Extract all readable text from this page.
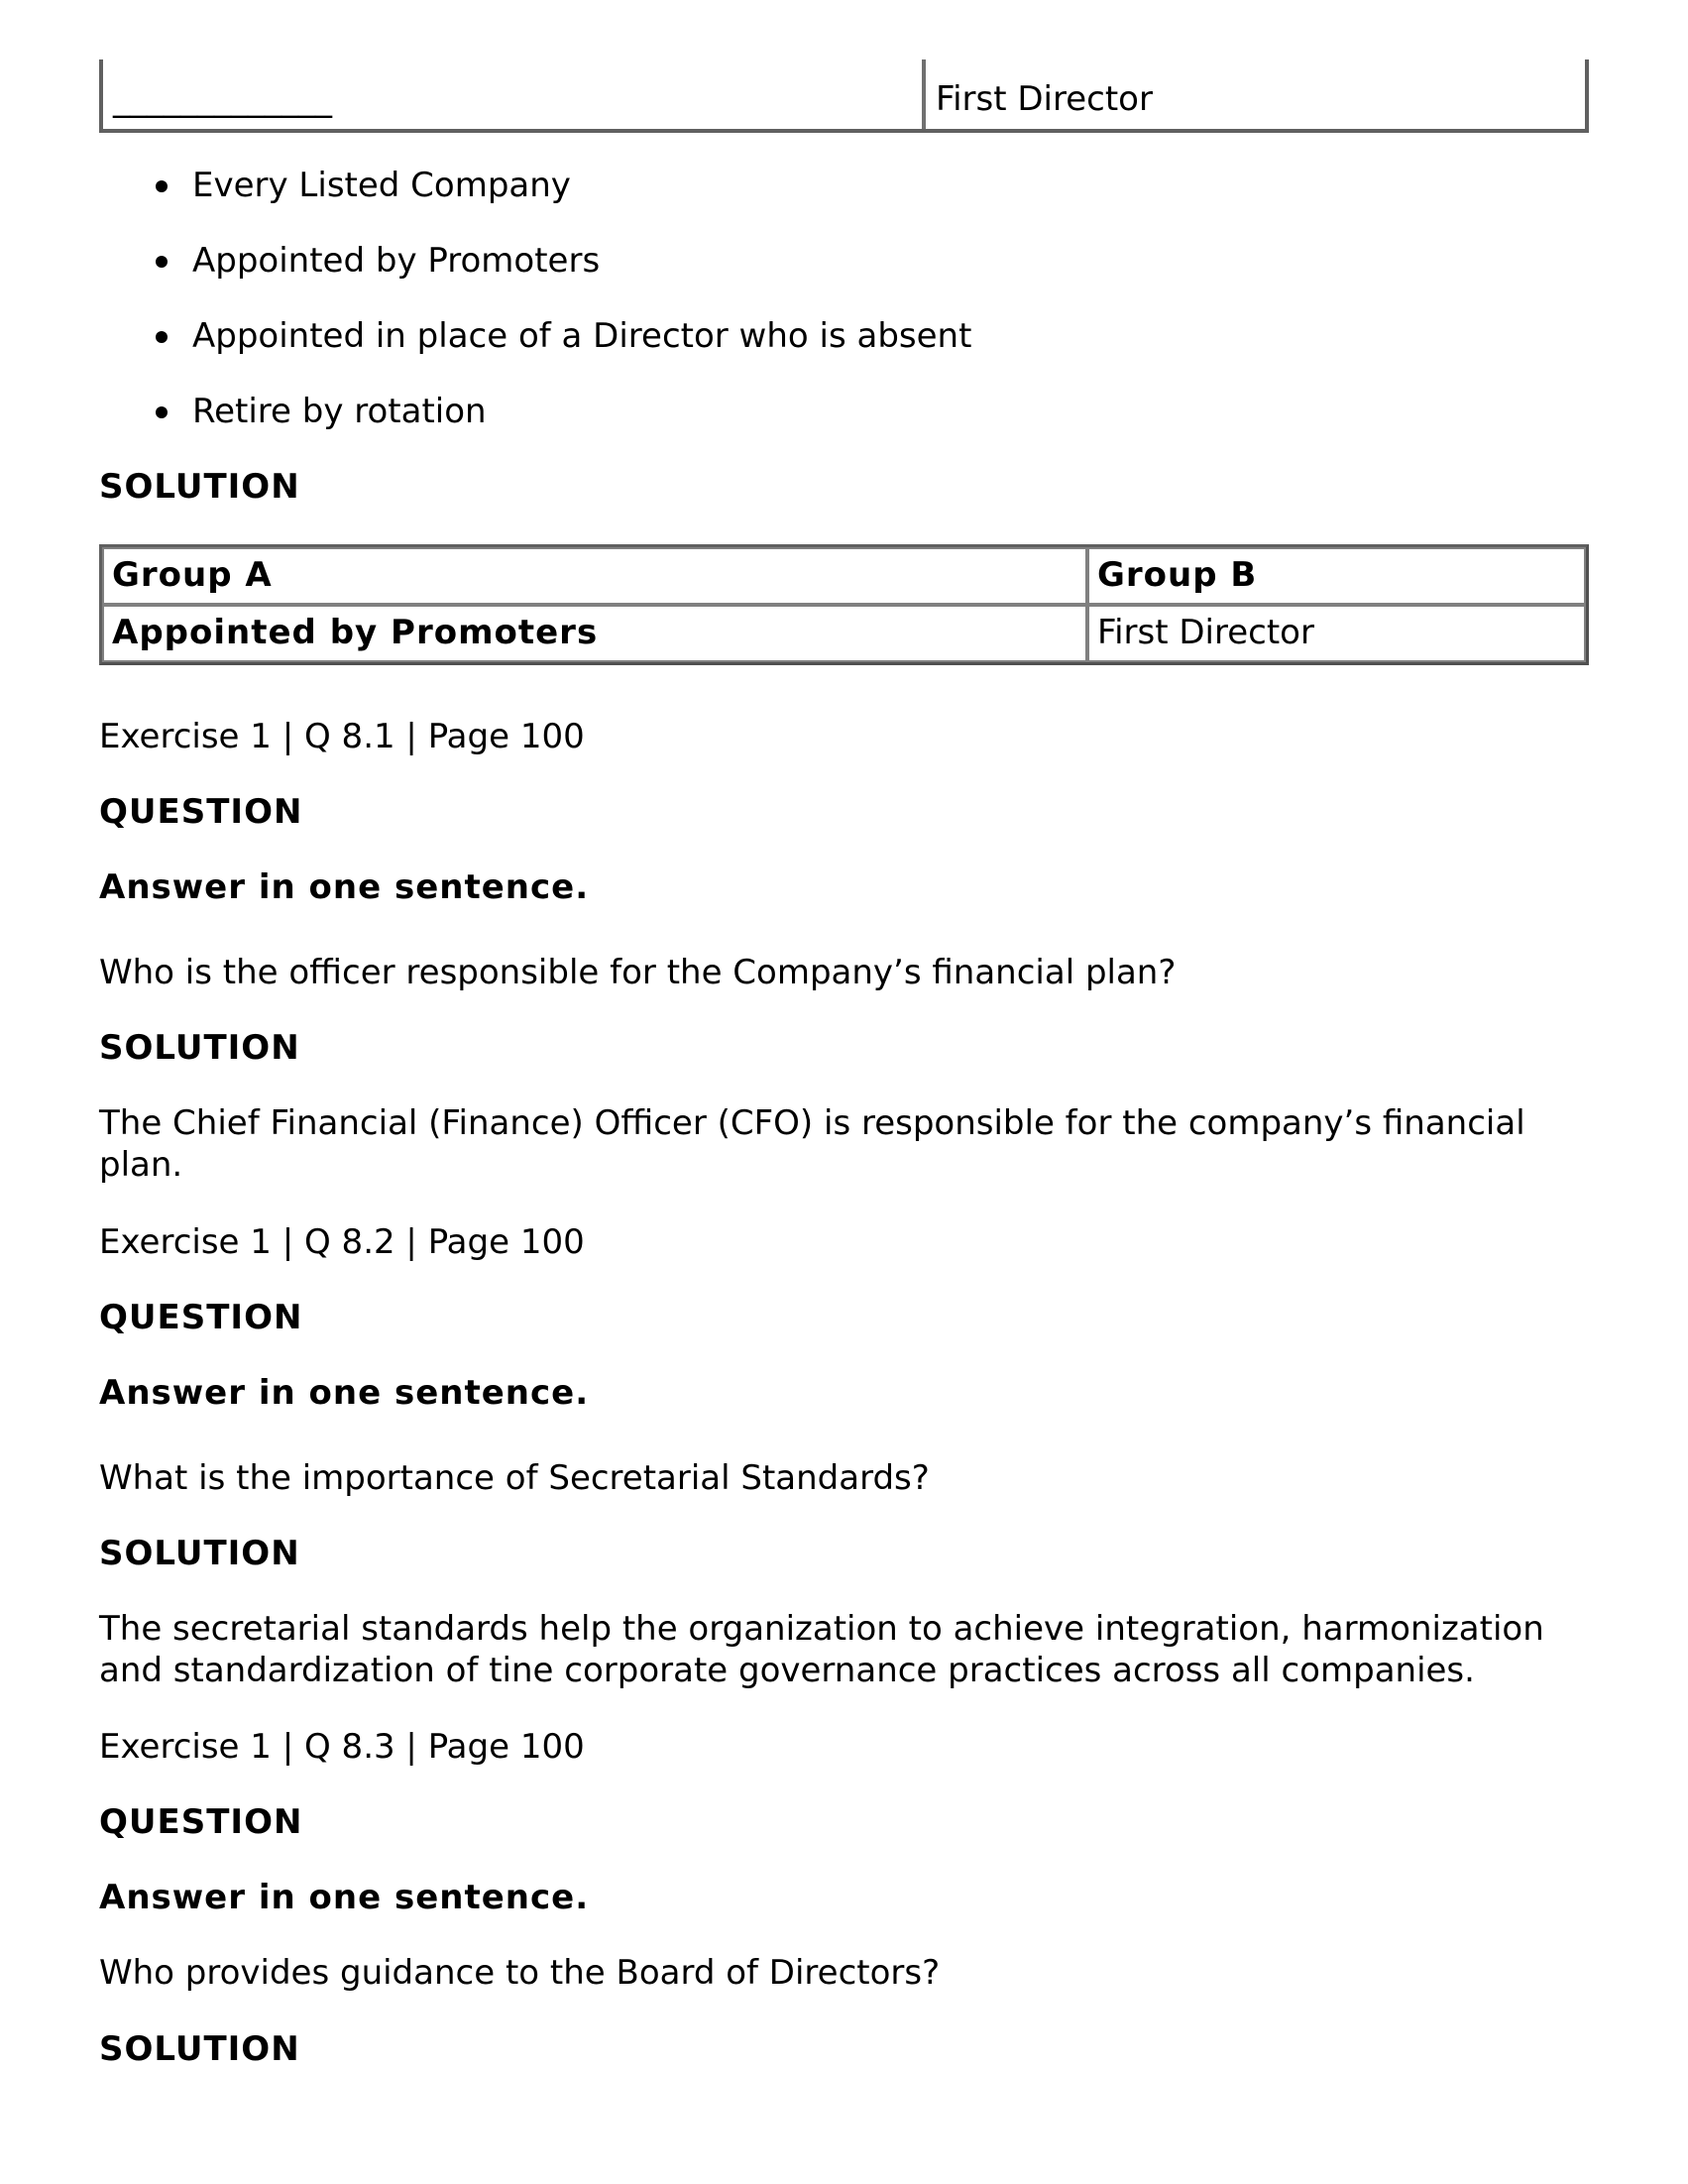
_____________	First Director
Every Listed Company
Appointed by Promoters
Appointed in place of a Director who is absent
Retire by rotation
SOLUTION
Group A	Group B
Appointed by Promoters	First Director
Exercise 1 | Q 8.1 | Page 100
QUESTION
Answer in one sentence.
Who is the officer responsible for the Company’s financial plan?
SOLUTION
The Chief Financial (Finance) Officer (CFO) is responsible for the company’s financial plan.
Exercise 1 | Q 8.2 | Page 100
QUESTION
Answer in one sentence.
What is the importance of Secretarial Standards?
SOLUTION
The secretarial standards help the organization to achieve integration, harmonization and standardization of tine corporate governance practices across all companies.
Exercise 1 | Q 8.3 | Page 100
QUESTION
Answer in one sentence.
Who provides guidance to the Board of Directors?
SOLUTION
